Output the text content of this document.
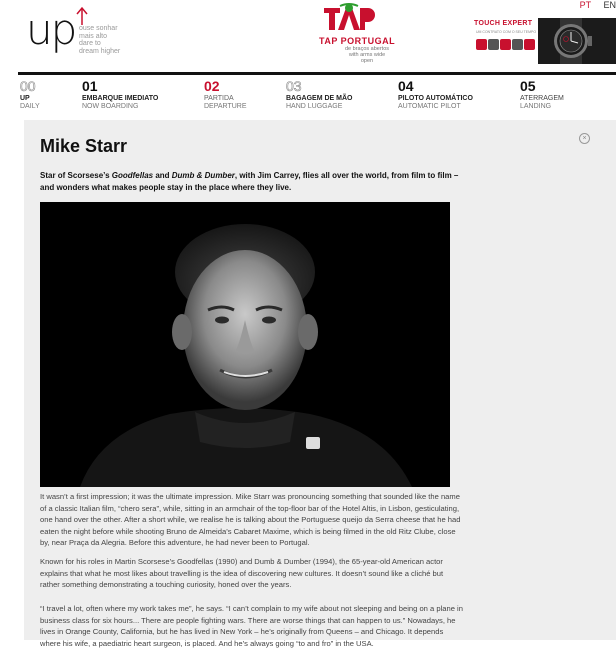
up ouse sonhar
mais alto
dare to
dream higher
TAP PORTUGAL
de braços abertos
with arms wide open
PT EN
TOUCH EXPERT
UM CONTRATO COM O SEU TEMPO
00
UP
DAILY
01
EMBARQUE IMEDIATO
NOW BOARDING
02
PARTIDA
DEPARTURE
03
BAGAGEM DE MÃO
HAND LUGGAGE
04
PILOTO AUTOMÁTICO
AUTOMATIC PILOT
05
ATERRAGEM
LANDING
×
Mike Starr

Star of Scorsese’s Goodfellas and Dumb & Dumber, with Jim Carrey, flies all over the world, from film to film – and wonders what makes people stay in the place where they live.

It wasn’t a first impression; it was the ultimate impression. Mike Starr was pronouncing something that sounded like the name of a classic Italian film, “chero sera”, while, sitting in an armchair of the top-floor bar of the Hotel Altis, in Lisbon, gesticulating, one hand over the other. After a short while, we realise he is talking about the Portuguese queijo da Serra cheese that he had eaten the night before while shooting Bruno de Almeida’s Cabaret Maxime, which is being filmed in the old Ritz Clube, close by, near Praça da Alegria. Before this adventure, he had never been to Portugal.

Known for his roles in Martin Scorsese’s Goodfellas (1990) and Dumb & Dumber (1994), the 65-year-old American actor explains that what he most likes about travelling is the idea of discovering new cultures. It doesn’t sound like a cliché but rather something demonstrating a touching curiosity, honed over the years.

“I travel a lot, often where my work takes me”, he says. “I can’t complain to my wife about not sleeping and being on a plane in business class for six hours... There are people fighting wars. There are worse things that can happen to us.” Nowadays, he lives in Orange County, California, but he has lived in New York – he’s originally from Queens – and Chicago. It depends where his wife, a paediatric heart surgeon, is placed. And he’s always going “to and fro” in the USA.
